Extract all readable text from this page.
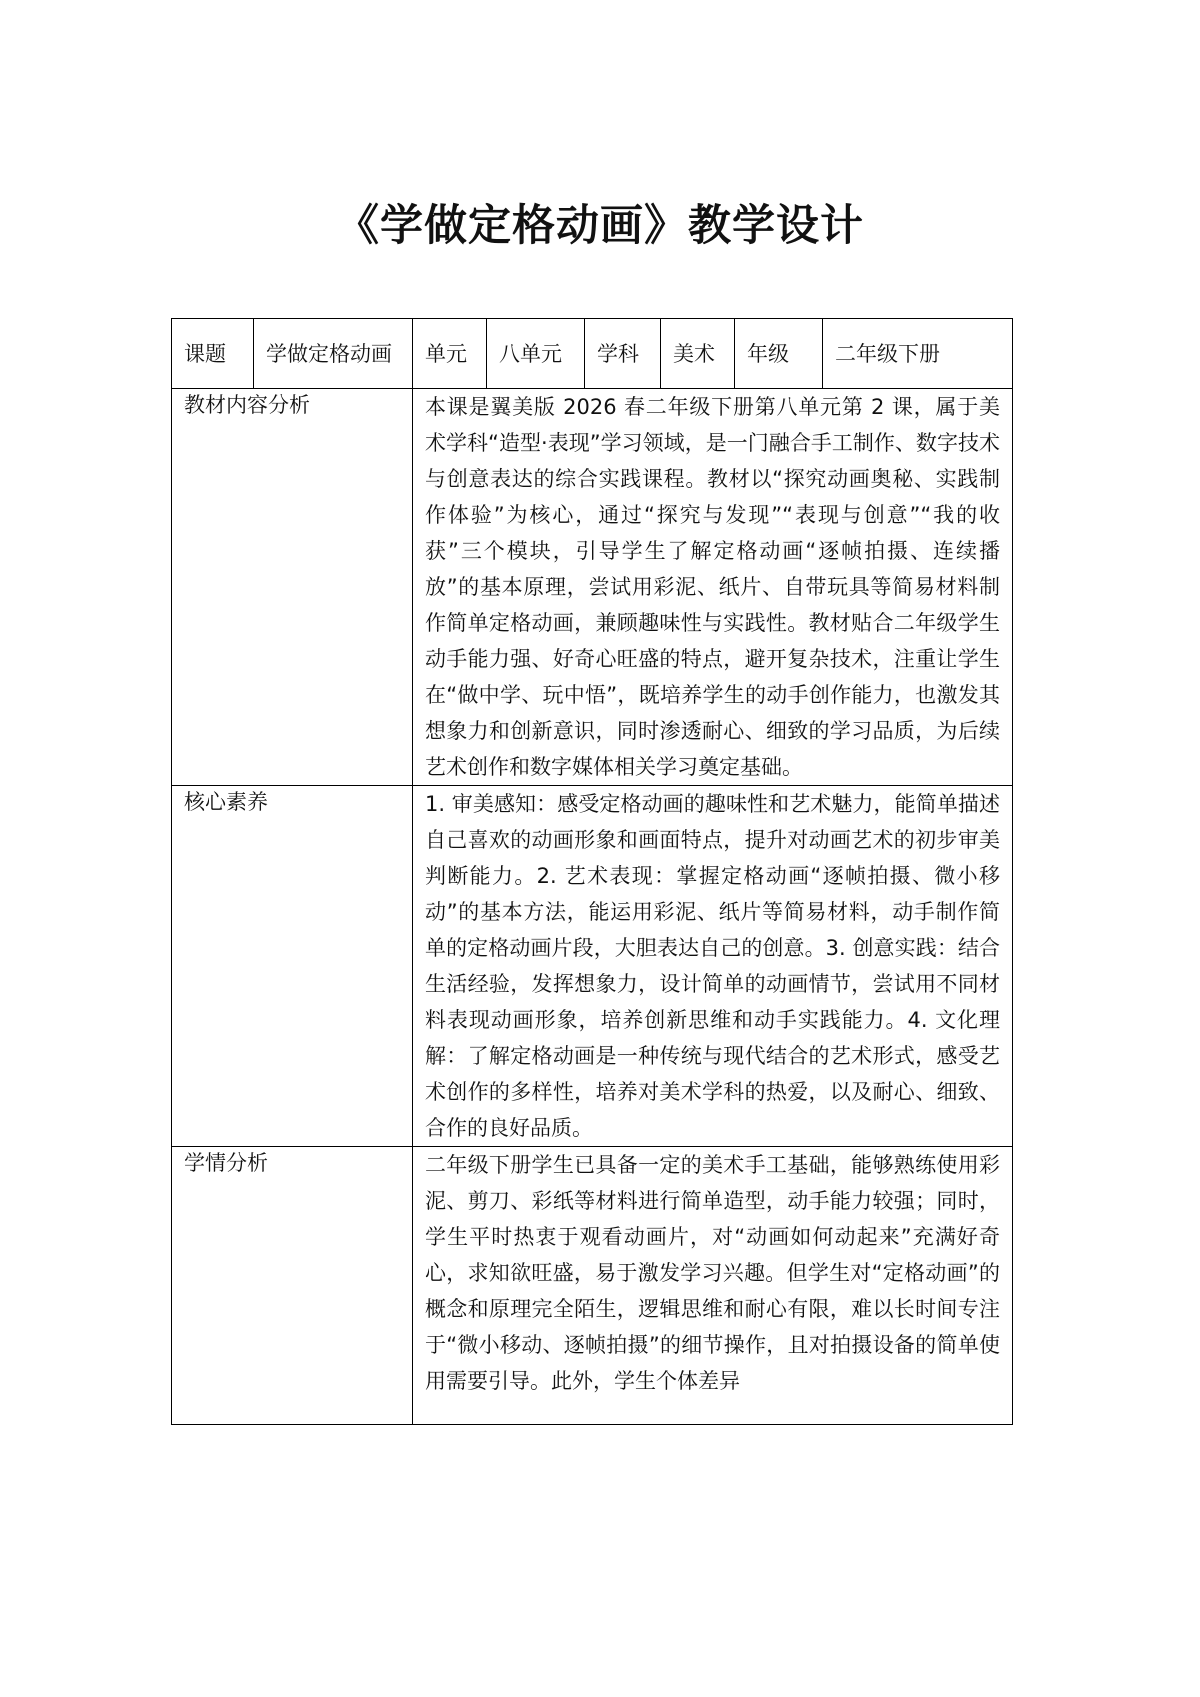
《学做定格动画》教学设计
课题	学做定格动画	单元	八单元	学科	美术	年级	二年级下册
教材内容分析		本课是翼美版 2026 春二年级下册第八单元第 2 课，属于美术学科“造型·表现”学习领域，是一门融合手工制作、数字技术与创意表达的综合实践课程。教材以“探究动画奥秘、实践制作体验”为核心，通过“探究与发现”“表现与创意”“我的收获”三个模块，引导学生了解定格动画“逐帧拍摄、连续播放”的基本原理，尝试用彩泥、纸片、自带玩具等简易材料制作简单定格动画，兼顾趣味性与实践性。教材贴合二年级学生动手能力强、好奇心旺盛的特点，避开复杂技术，注重让学生在“做中学、玩中悟”，既培养学生的动手创作能力，也激发其想象力和创新意识，同时渗透耐心、细致的学习品质，为后续艺术创作和数字媒体相关学习奠定基础。					
核心素养		1. 审美感知：感受定格动画的趣味性和艺术魅力，能简单描述自己喜欢的动画形象和画面特点，提升对动画艺术的初步审美判断能力。2. 艺术表现：掌握定格动画“逐帧拍摄、微小移动”的基本方法，能运用彩泥、纸片等简易材料，动手制作简单的定格动画片段，大胆表达自己的创意。3. 创意实践：结合生活经验，发挥想象力，设计简单的动画情节，尝试用不同材料表现动画形象，培养创新思维和动手实践能力。4. 文化理解：了解定格动画是一种传统与现代结合的艺术形式，感受艺术创作的多样性，培养对美术学科的热爱，以及耐心、细致、合作的良好品质。					
学情分析		二年级下册学生已具备一定的美术手工基础，能够熟练使用彩泥、剪刀、彩纸等材料进行简单造型，动手能力较强；同时，学生平时热衷于观看动画片，对“动画如何动起来”充满好奇心，求知欲旺盛，易于激发学习兴趣。但学生对“定格动画”的概念和原理完全陌生，逻辑思维和耐心有限，难以长时间专注于“微小移动、逐帧拍摄”的细节操作，且对拍摄设备的简单使用需要引导。此外，学生个体差异					
